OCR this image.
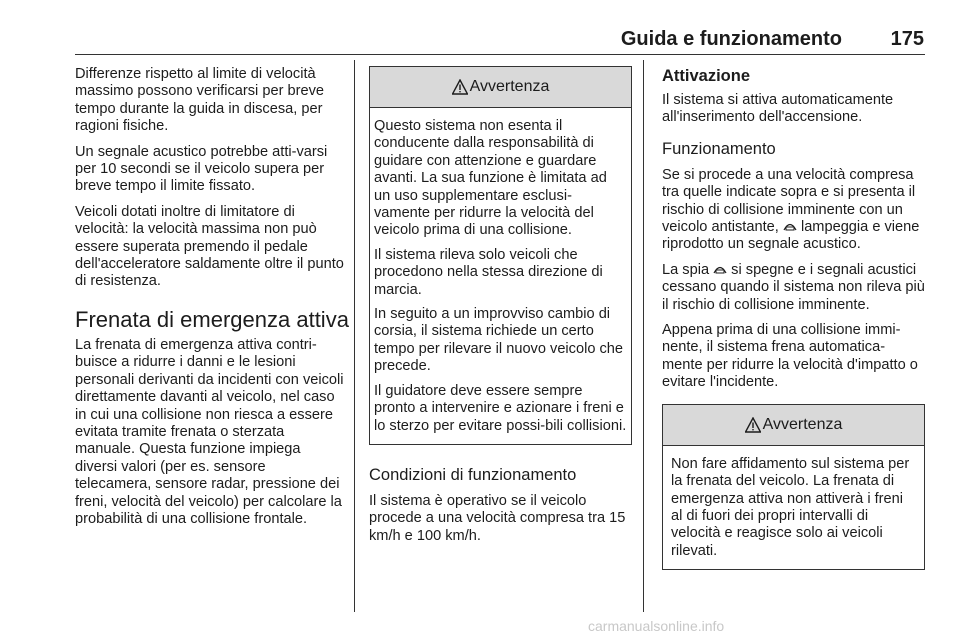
Guida e funzionamento 175

Differenze rispetto al limite di velocità massimo possono verificarsi per breve tempo durante la guida in discesa, per ragioni fisiche.

Un segnale acustico potrebbe atti-varsi per 10 secondi se il veicolo supera per breve tempo il limite fissato.

Veicoli dotati inoltre di limitatore di velocità: la velocità massima non può essere superata premendo il pedale dell'acceleratore saldamente oltre il punto di resistenza.

Frenata di emergenza attiva

La frenata di emergenza attiva contri-buisce a ridurre i danni e le lesioni personali derivanti da incidenti con veicoli direttamente davanti al veicolo, nel caso in cui una collisione non riesca a essere evitata tramite frenata o sterzata manuale. Questa funzione impiega diversi valori (per es. sensore telecamera, sensore radar, pressione dei freni, velocità del veicolo) per calcolare la probabilità di una collisione frontale.

Avvertenza

Questo sistema non esenta il conducente dalla responsabilità di guidare con attenzione e guardare avanti. La sua funzione è limitata ad un uso supplementare esclusi-vamente per ridurre la velocità del veicolo prima di una collisione.

Il sistema rileva solo veicoli che procedono nella stessa direzione di marcia.

In seguito a un improvviso cambio di corsia, il sistema richiede un certo tempo per rilevare il nuovo veicolo che precede.

Il guidatore deve essere sempre pronto a intervenire e azionare i freni e lo sterzo per evitare possi-bili collisioni.

Condizioni di funzionamento

Il sistema è operativo se il veicolo procede a una velocità compresa tra 15 km/h e 100 km/h.

Attivazione

Il sistema si attiva automaticamente all'inserimento dell'accensione.

Funzionamento

Se si procede a una velocità compresa tra quelle indicate sopra e si presenta il rischio di collisione imminente con un veicolo antistante,  lampeggia e viene riprodotto un segnale acustico.

La spia  si spegne e i segnali acustici cessano quando il sistema non rileva più il rischio di collisione imminente.

Appena prima di una collisione immi-nente, il sistema frena automatica-mente per ridurre la velocità d'impatto o evitare l'incidente.

Avvertenza

Non fare affidamento sul sistema per la frenata del veicolo. La frenata di emergenza attiva non attiverà i freni al di fuori dei propri intervalli di velocità e reagisce solo ai veicoli rilevati.

carmanualsonline.info
